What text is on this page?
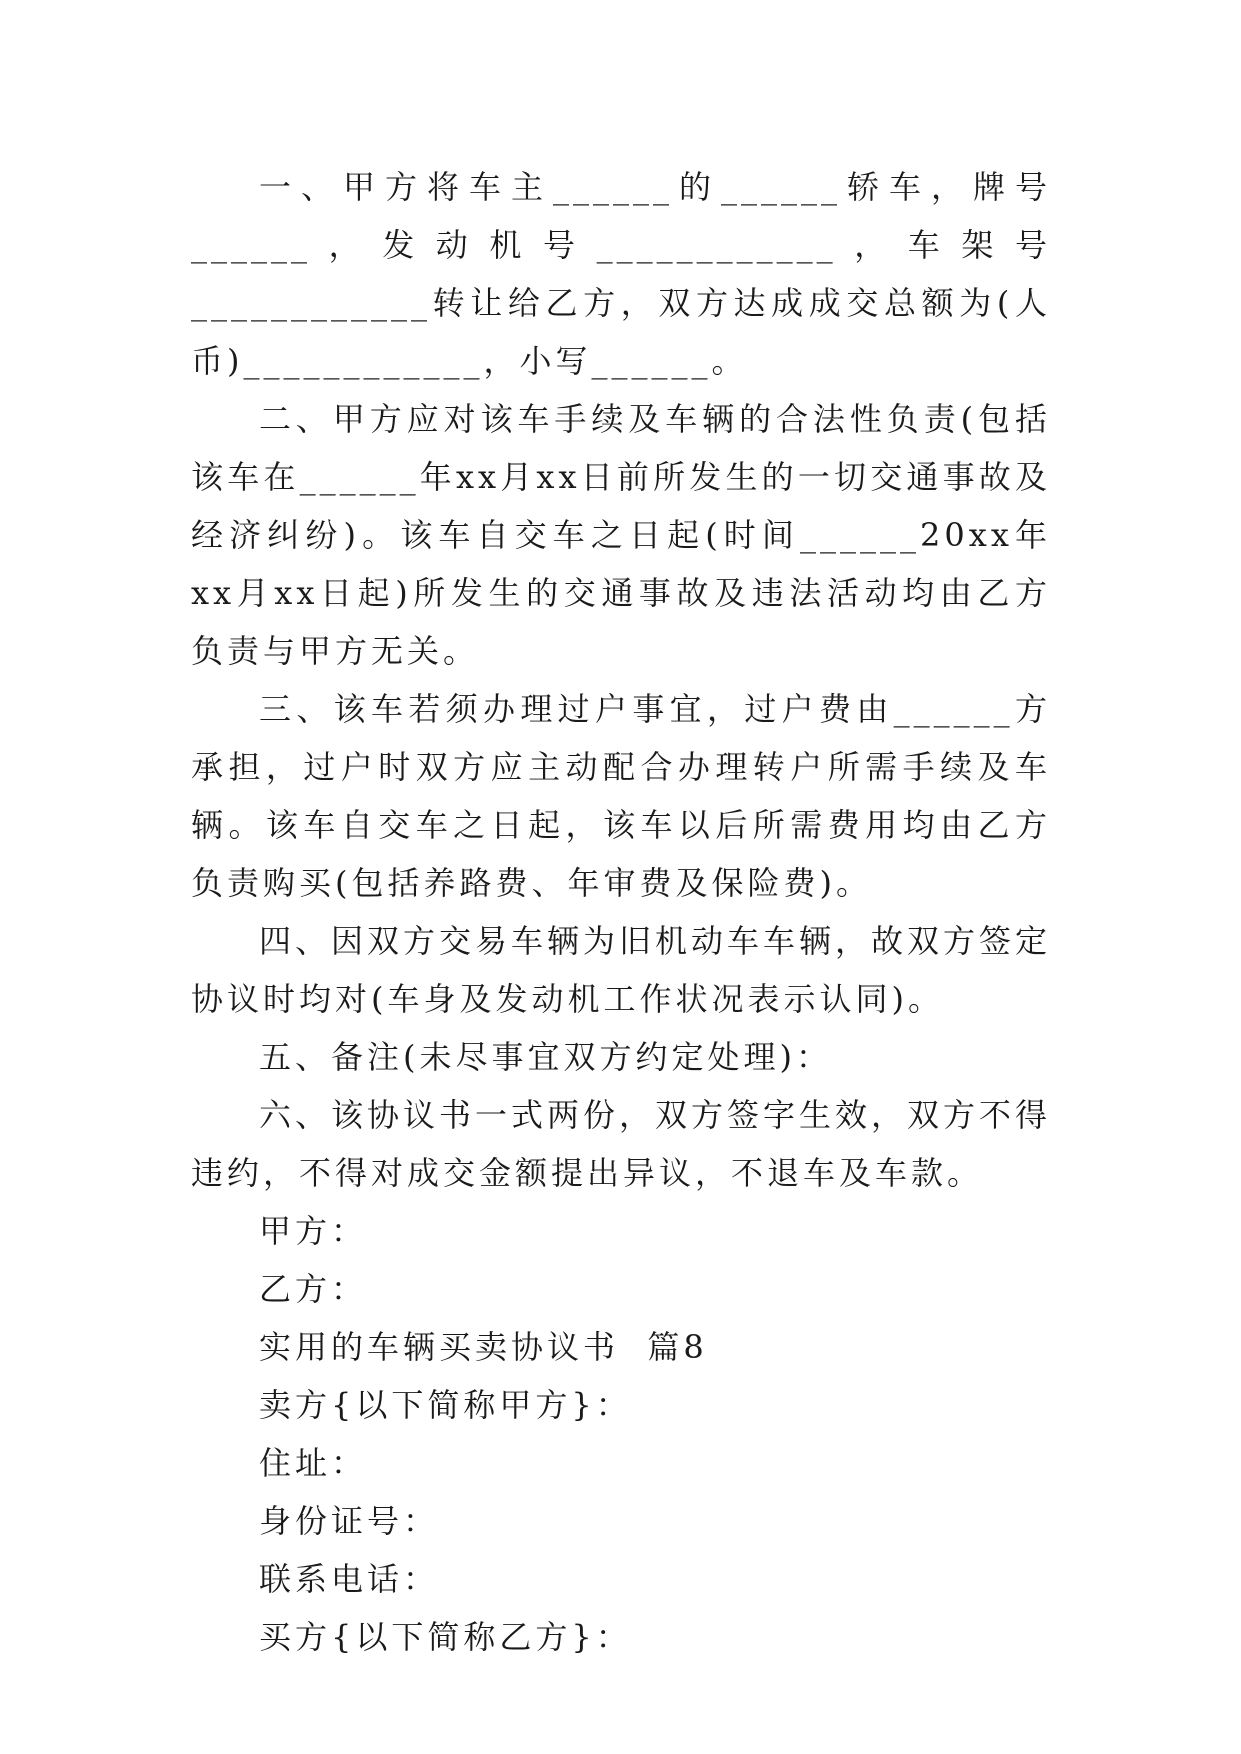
一、甲方将车主______的______轿车，牌号______，发动机号____________，车架号____________转让给乙方，双方达成成交总额为(人币)____________，小写______。

二、甲方应对该车手续及车辆的合法性负责(包括该车在______年xx月xx日前所发生的一切交通事故及经济纠纷)。该车自交车之日起(时间______20xx年xx月xx日起)所发生的交通事故及违法活动均由乙方负责与甲方无关。

三、该车若须办理过户事宜，过户费由______方承担，过户时双方应主动配合办理转户所需手续及车辆。该车自交车之日起，该车以后所需费用均由乙方负责购买(包括养路费、年审费及保险费)。

四、因双方交易车辆为旧机动车车辆，故双方签定协议时均对(车身及发动机工作状况表示认同)。

五、备注(未尽事宜双方约定处理)：

六、该协议书一式两份，双方签字生效，双方不得违约，不得对成交金额提出异议，不退车及车款。

甲方：

乙方：

实用的车辆买卖协议书  篇8

卖方{以下简称甲方}：

住址：

身份证号：

联系电话：

买方{以下简称乙方}：
